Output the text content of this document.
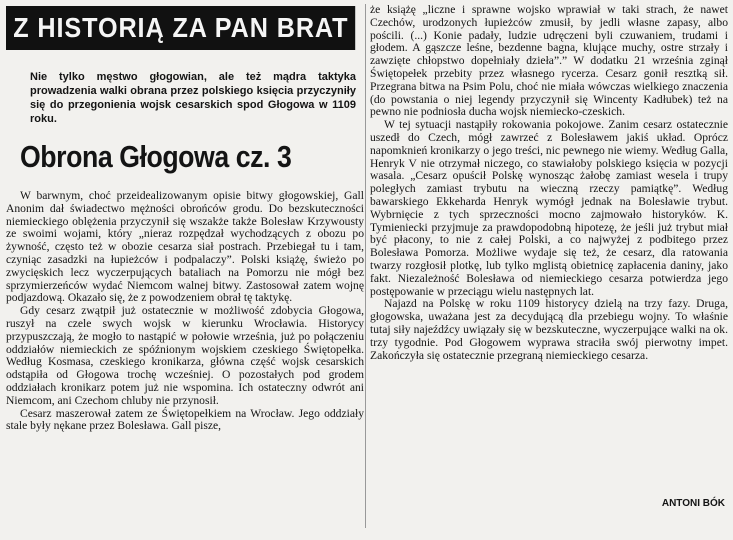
Z HISTORIĄ ZA PAN BRAT
Nie tylko męstwo głogowian, ale też mądra taktyka prowadzenia walki obrana przez polskiego księcia przyczyniły się do przegonienia wojsk cesarskich spod Głogowa w 1109 roku.
Obrona Głogowa cz. 3

W barwnym, choć przeidealizowanym opisie bitwy głogowskiej, Gall Anonim dał świadectwo mężności obrońców grodu. Do bezskuteczności niemieckiego oblężenia przyczynił się wszakże także Bolesław Krzywousty ze swoimi wojami, który „nieraz rozpędzał wychodzących z obozu po żywność, często też w obozie cesarza siał postrach. Przebiegał tu i tam, czyniąc zasadzki na łupieżców i podpalaczy”. Polski książę, świeżo po zwycięskich lecz wyczerpujących bataliach na Pomorzu nie mógł bez sprzymierzeńców wydać Niemcom walnej bitwy. Zastosował zatem wojnę podjazdową. Okazało się, że z powodzeniem obrał tę taktykę.

Gdy cesarz zwątpił już ostatecznie w możliwość zdobycia Głogowa, ruszył na czele swych wojsk w kierunku Wrocławia. Historycy przypuszczają, że mogło to nastąpić w połowie września, już po połączeniu oddziałów niemieckich ze spóźnionym wojskiem czeskiego Świętopełka. Według Kosmasa, czeskiego kronikarza, główna część wojsk cesarskich odstąpiła od Głogowa trochę wcześniej. O pozostałych pod grodem oddziałach kronikarz potem już nie wspomina. Ich ostateczny odwrót ani Niemcom, ani Czechom chluby nie przynosił.

Cesarz maszerował zatem ze Świętopełkiem na Wrocław. Jego oddziały stale były nękane przez Bolesława. Gall pisze,

że książę „liczne i sprawne wojsko wprawiał w taki strach, że nawet Czechów, urodzonych łupieżców zmusił, by jedli własne zapasy, albo pościli. (...) Konie padały, ludzie udręczeni byli czuwaniem, trudami i głodem. A gąszcze leśne, bezdenne bagna, klujące muchy, ostre strzały i zawzięte chłopstwo dopełniały dzieła”.” W dodatku 21 września zginął Świętopełek przebity przez własnego rycerza. Cesarz gonił resztką sił. Przegrana bitwa na Psim Polu, choć nie miała wówczas wielkiego znaczenia (do powstania o niej legendy przyczynił się Wincenty Kadłubek) też na pewno nie podniosła ducha wojsk niemiecko-czeskich.

W tej sytuacji nastąpiły rokowania pokojowe. Zanim cesarz ostatecznie uszedł do Czech, mógł zawrzeć z Bolesławem jakiś układ. Oprócz napomknień kronikarzy o jego treści, nic pewnego nie wiemy. Według Galla, Henryk V nie otrzymał niczego, co stawiałoby polskiego księcia w pozycji wasala. „Cesarz opuścił Polskę wynosząc żałobę zamiast wesela i trupy poległych zamiast trybutu na wieczną rzeczy pamiątkę”. Według bawarskiego Ekkeharda Henryk wymógł jednak na Bolesławie trybut. Wybrnięcie z tych sprzeczności mocno zajmowało historyków. K. Tymieniecki przyjmuje za prawdopodobną hipotezę, że jeśli już trybut miał być płacony, to nie z całej Polski, a co najwyżej z podbitego przez Bolesława Pomorza. Możliwe wydaje się też, że cesarz, dla ratowania twarzy rozgłosił plotkę, lub tylko mglistą obietnicę zapłacenia daniny, jako fakt. Niezależność Bolesława od niemieckiego cesarza potwierdza jego postępowanie w przeciągu wielu następnych lat.

Najazd na Polskę w roku 1109 historycy dzielą na trzy fazy. Druga, głogowska, uważana jest za decydującą dla przebiegu wojny. To właśnie tutaj siły najeźdźcy uwiązały się w bezskuteczne, wyczerpujące walki na ok. trzy tygodnie. Pod Głogowem wyprawa straciła swój pierwotny impet. Zakończyła się ostatecznie przegraną niemieckiego cesarza.

ANTONI BÓK
